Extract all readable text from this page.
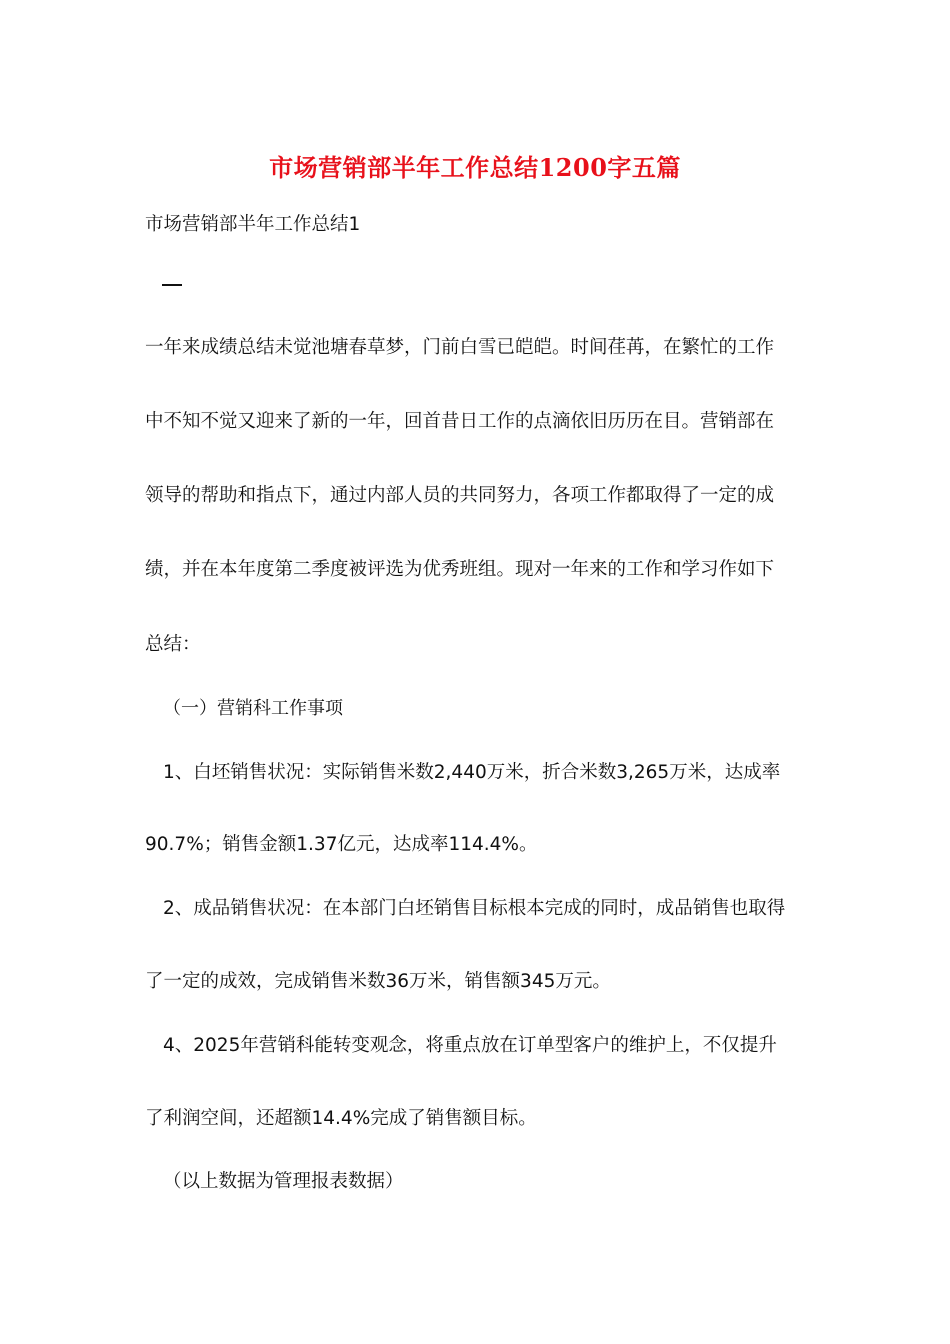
市场营销部半年工作总结1200字五篇
市场营销部半年工作总结1
一年来成绩总结未觉池塘春草梦，门前白雪已皑皑。时间荏苒，在繁忙的工作
中不知不觉又迎来了新的一年，回首昔日工作的点滴依旧历历在目。营销部在
领导的帮助和指点下，通过内部人员的共同努力，各项工作都取得了一定的成
绩，并在本年度第二季度被评选为优秀班组。现对一年来的工作和学习作如下
总结：
（一）营销科工作事项
1、白坯销售状况：实际销售米数2,440万米，折合米数3,265万米，达成率
90.7%；销售金额1.37亿元，达成率114.4%。
2、成品销售状况：在本部门白坯销售目标根本完成的同时，成品销售也取得
了一定的成效，完成销售米数36万米，销售额345万元。
4、2025年营销科能转变观念，将重点放在订单型客户的维护上，不仅提升
了利润空间，还超额14.4%完成了销售额目标。
（以上数据为管理报表数据）
